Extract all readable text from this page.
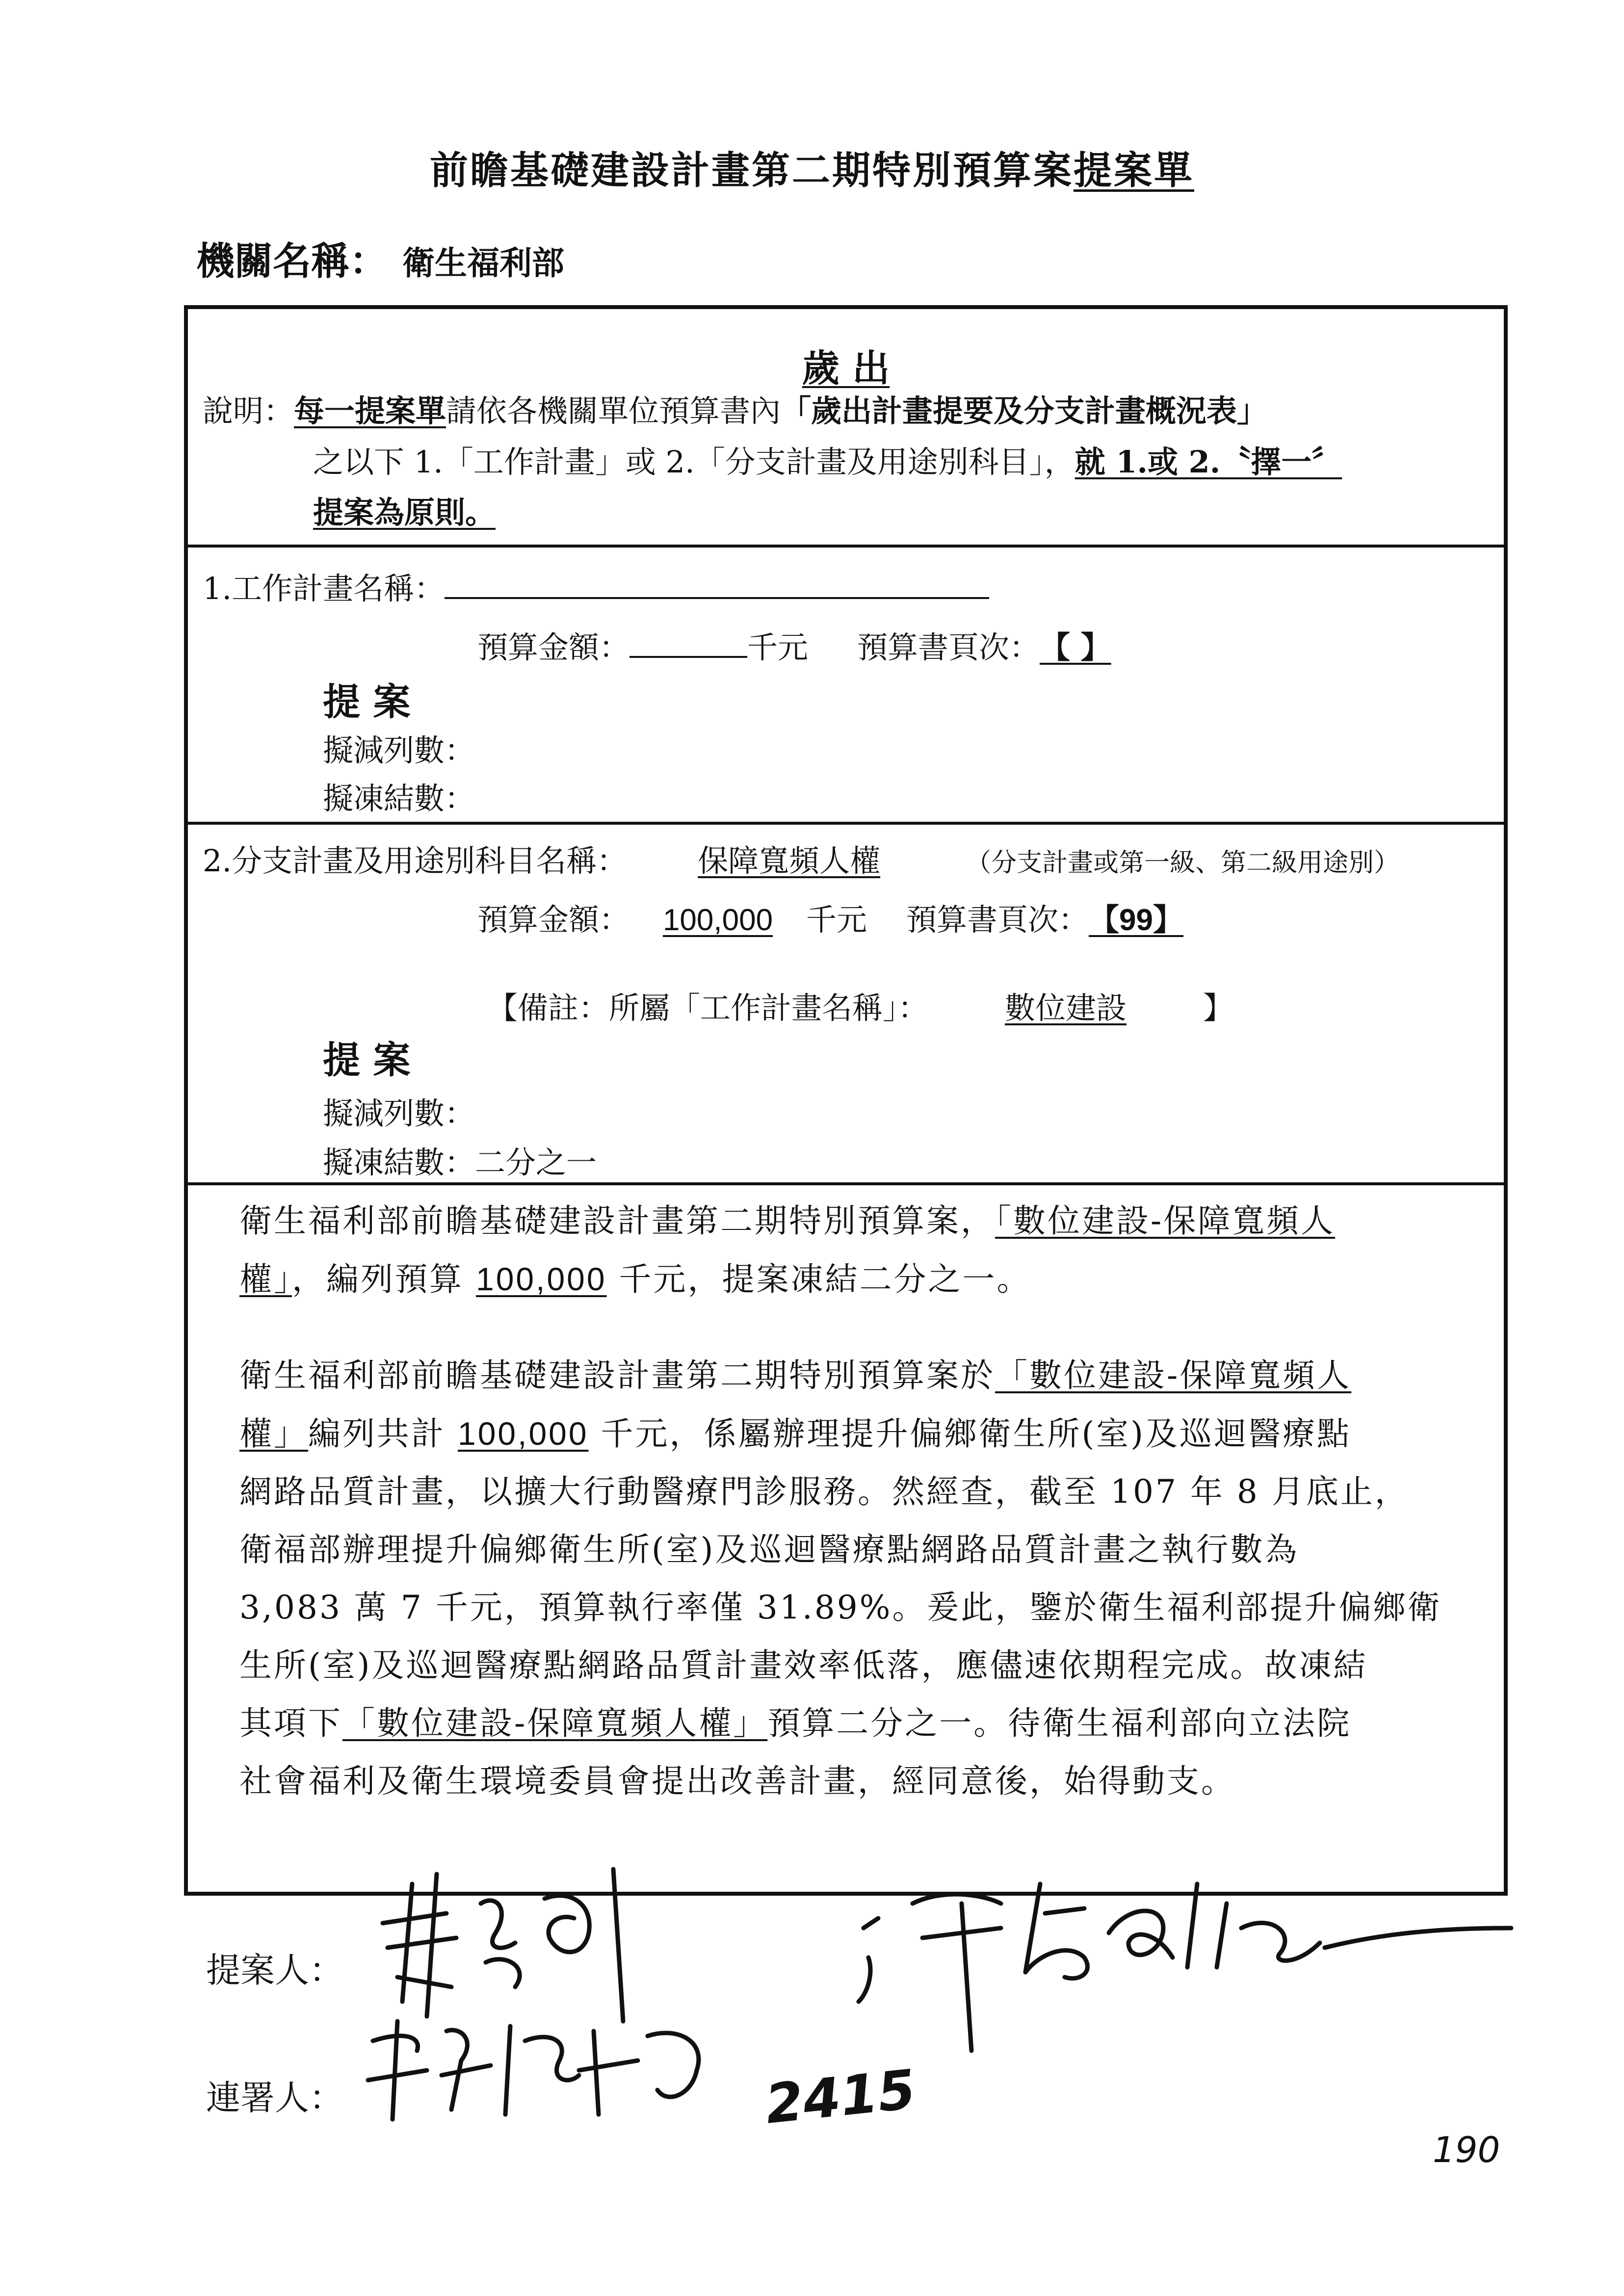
前瞻基礎建設計畫第二期特別預算案提案單
機關名稱： 衛生福利部
歲 出
說明：每一提案單請依各機關單位預算書內「歲出計畫提要及分支計畫概況表」
之以下 1.「工作計畫」或 2.「分支計畫及用途別科目」，就 1.或 2.〝擇一〞
提案為原則。
1.工作計畫名稱：
預算金額：	千元 預算書頁次：【 】
提 案
擬減列數：
擬凍結數：
2.分支計畫及用途別科目名稱： 保障寬頻人權	（分支計畫或第一級、第二級用途別）
預算金額： 100,000 千元 預算書頁次：【99】
【備註：所屬「工作計畫名稱」：	數位建設	】
提 案
擬減列數：
擬凍結數：二分之一
衛生福利部前瞻基礎建設計畫第二期特別預算案，「數位建設-保障寬頻人
權」，編列預算 100,000 千元，提案凍結二分之一。
衛生福利部前瞻基礎建設計畫第二期特別預算案於「數位建設-保障寬頻人
權」編列共計 100,000 千元，係屬辦理提升偏鄉衛生所(室)及巡迴醫療點
網路品質計畫，以擴大行動醫療門診服務。然經查，截至 107 年 8 月底止，
衛福部辦理提升偏鄉衛生所(室)及巡迴醫療點網路品質計畫之執行數為
3,083 萬 7 千元，預算執行率僅 31.89%。爰此，鑒於衛生福利部提升偏鄉衛
生所(室)及巡迴醫療點網路品質計畫效率低落，應儘速依期程完成。故凍結
其項下「數位建設-保障寬頻人權」預算二分之一。待衛生福利部向立法院
社會福利及衛生環境委員會提出改善計畫，經同意後，始得動支。
提案人：
連署人：	2415
190
